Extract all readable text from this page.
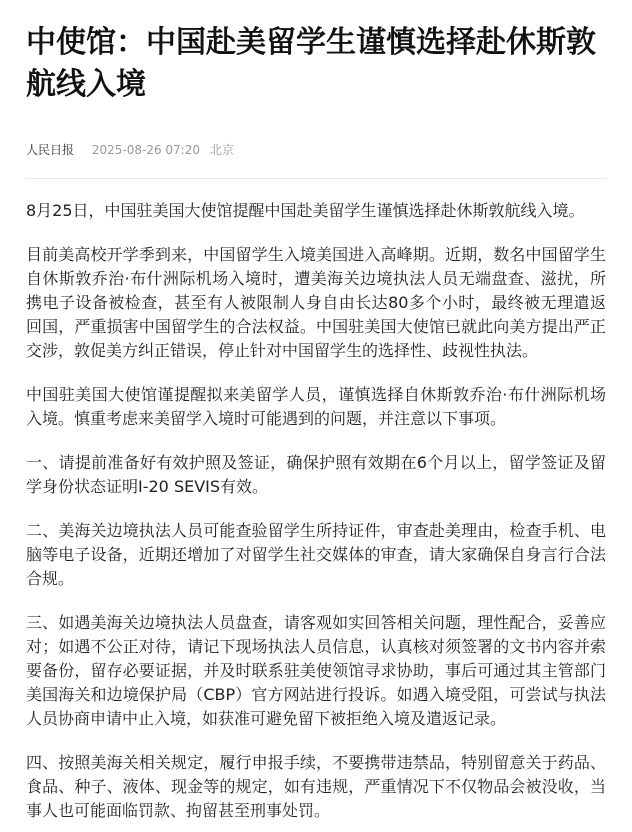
中使馆：中国赴美留学生谨慎选择赴休斯敦航线入境
人民日报 2025-08-26 07:20 北京

8月25日，中国驻美国大使馆提醒中国赴美留学生谨慎选择赴休斯敦航线入境。

目前美高校开学季到来，中国留学生入境美国进入高峰期。近期，数名中国留学生自休斯敦乔治·布什洲际机场入境时，遭美海关边境执法人员无端盘查、滋扰，所携电子设备被检查，甚至有人被限制人身自由长达80多个小时，最终被无理遣返回国，严重损害中国留学生的合法权益。中国驻美国大使馆已就此向美方提出严正交涉，敦促美方纠正错误，停止针对中国留学生的选择性、歧视性执法。

中国驻美国大使馆谨提醒拟来美留学人员，谨慎选择自休斯敦乔治·布什洲际机场入境。慎重考虑来美留学入境时可能遇到的问题，并注意以下事项。

一、请提前准备好有效护照及签证，确保护照有效期在6个月以上，留学签证及留学身份状态证明I-20 SEVIS有效。

二、美海关边境执法人员可能查验留学生所持证件，审查赴美理由，检查手机、电脑等电子设备，近期还增加了对留学生社交媒体的审查，请大家确保自身言行合法合规。

三、如遇美海关边境执法人员盘查，请客观如实回答相关问题，理性配合，妥善应对；如遇不公正对待，请记下现场执法人员信息，认真核对须签署的文书内容并索要备份，留存必要证据，并及时联系驻美使领馆寻求协助，事后可通过其主管部门美国海关和边境保护局（CBP）官方网站进行投诉。如遇入境受阻，可尝试与执法人员协商申请中止入境，如获准可避免留下被拒绝入境及遣返记录。

四、按照美海关相关规定，履行申报手续，不要携带违禁品，特别留意关于药品、食品、种子、液体、现金等的规定，如有违规，严重情况下不仅物品会被没收，当事人也可能面临罚款、拘留甚至刑事处罚。
